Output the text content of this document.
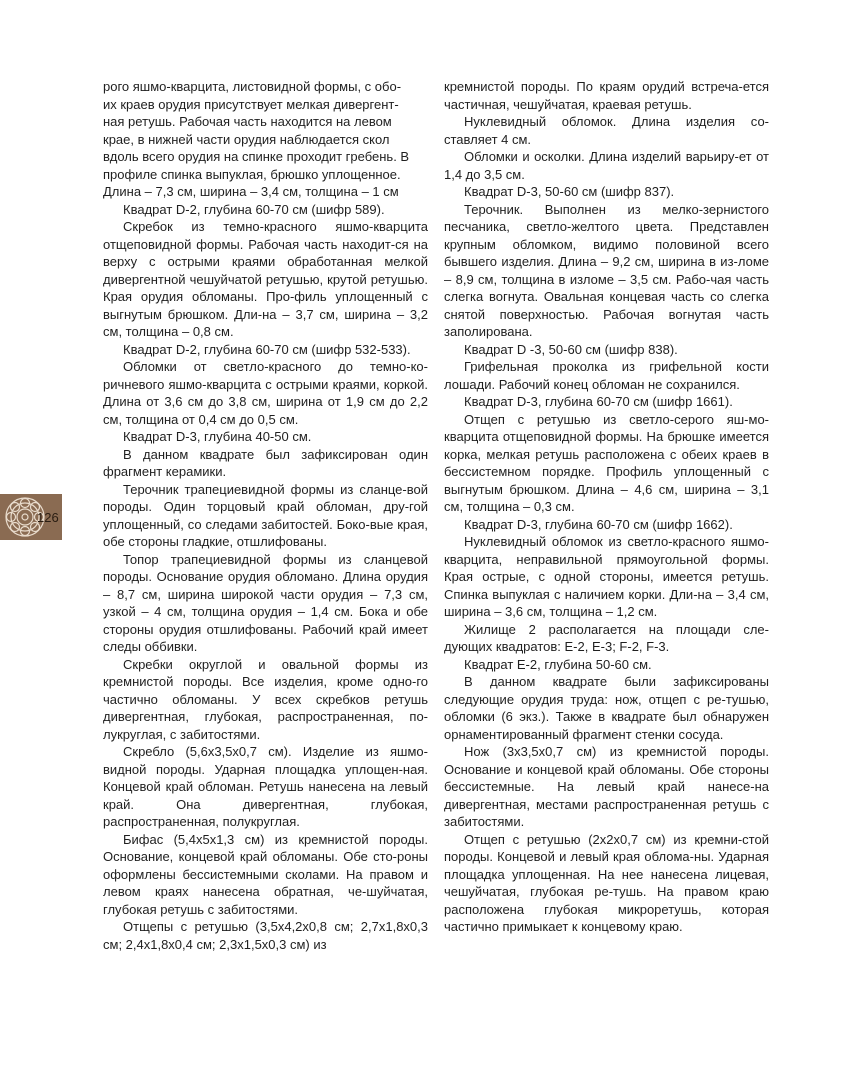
126

рого яшмо-кварцита, листовидной формы, с обо-
их краев орудия присутствует мелкая дивергент-
ная ретушь. Рабочая часть находится на левом
крае, в нижней части орудия наблюдается скол
вдоль всего орудия на спинке проходит гребень. В
профиле спинка выпуклая, брюшко уплощенное.
Длина – 7,3 см, ширина – 3,4 см, толщина – 1 см

Квадрат D-2, глубина 60-70 см (шифр 589).

Скребок из темно-красного яшмо-кварцита отщеповидной формы. Рабочая часть находит-ся на верху с острыми краями обработанная мелкой дивергентной чешуйчатой ретушью, крутой ретушью. Края орудия обломаны. Про-филь уплощенный с выгнутым брюшком. Дли-на – 3,7 см, ширина – 3,2 см, толщина – 0,8 см.

Квадрат D-2, глубина 60-70 см (шифр 532-533).

Обломки от светло-красного до темно-ко-ричневого яшмо-кварцита с острыми краями, коркой. Длина от 3,6 см до 3,8 см, ширина от 1,9 см до 2,2 см, толщина от 0,4 см до 0,5 см.

Квадрат D-3, глубина 40-50 см.

В данном квадрате был зафиксирован один фрагмент керамики.

Терочник трапециевидной формы из сланце-вой породы. Один торцовый край обломан, дру-гой уплощенный, со следами забитостей. Боко-вые края, обе стороны гладкие, отшлифованы.

Топор трапециевидной формы из сланцевой породы. Основание орудия обломано. Длина орудия – 8,7 см, ширина широкой части орудия – 7,3 см, узкой – 4 см, толщина орудия – 1,4 см. Бока и обе стороны орудия отшлифованы. Рабочий край имеет следы оббивки.

Скребки округлой и овальной формы из кремнистой породы. Все изделия, кроме одно-го частично обломаны. У всех скребков ретушь дивергентная, глубокая, распространенная, по-лукруглая, с забитостями.

Скребло (5,6х3,5х0,7 см). Изделие из яшмо-видной породы. Ударная площадка уплощен-ная. Концевой край обломан. Ретушь нанесена на левый край. Она дивергентная, глубокая, распространенная, полукруглая.

Бифас (5,4х5х1,3 см) из кремнистой породы. Основание, концевой край обломаны. Обе сто-роны оформлены бессистемными сколами. На правом и левом краях нанесена обратная, че-шуйчатая, глубокая ретушь с забитостями.

Отщепы с ретушью (3,5х4,2х0,8 см; 2,7х1,8х0,3 см; 2,4х1,8х0,4 см; 2,3х1,5х0,3 см) из

кремнистой породы. По краям орудий встреча-ется частичная, чешуйчатая, краевая ретушь.

Нуклевидный обломок. Длина изделия со-ставляет 4 см.

Обломки и осколки. Длина изделий варьиру-ет от 1,4 до 3,5 см.

Квадрат D-3, 50-60 см (шифр 837).

Терочник. Выполнен из мелко-зернистого песчаника, светло-желтого цвета. Представлен крупным обломком, видимо половиной всего бывшего изделия. Длина – 9,2 см, ширина в из-ломе – 8,9 см, толщина в изломе – 3,5 см. Рабо-чая часть слегка вогнута. Овальная концевая часть со слегка снятой поверхностью. Рабочая вогнутая часть заполирована.

Квадрат D -3, 50-60 см (шифр 838).

Грифельная проколка из грифельной кости лошади. Рабочий конец обломан не сохранился.

Квадрат D-3, глубина 60-70 см (шифр 1661).

Отщеп с ретушью из светло-серого яш-мо-кварцита отщеповидной формы. На брюшке имеется корка, мелкая ретушь расположена с обеих краев в бессистемном порядке. Профиль уплощенный с выгнутым брюшком. Длина – 4,6 см, ширина – 3,1 см, толщина – 0,3 см.

Квадрат D-3, глубина 60-70 см (шифр 1662).

Нуклевидный обломок из светло-красного яшмо-кварцита, неправильной прямоугольной формы. Края острые, с одной стороны, имеется ретушь. Спинка выпуклая с наличием корки. Дли-на – 3,4 см, ширина – 3,6 см, толщина – 1,2 см.

Жилище 2 располагается на площади сле-дующих квадратов: Е-2, Е-3; F-2, F-3.

Квадрат Е-2, глубина 50-60 см.

В данном квадрате были зафиксированы следующие орудия труда: нож, отщеп с ре-тушью, обломки (6 экз.). Также в квадрате был обнаружен орнаментированный фрагмент стенки сосуда.

Нож (3х3,5х0,7 см) из кремнистой породы. Основание и концевой край обломаны. Обе стороны бессистемные. На левый край нанесе-на дивергентная, местами распространенная ретушь с забитостями.

Отщеп с ретушью (2х2х0,7 см) из кремни-стой породы. Концевой и левый края облома-ны. Ударная площадка уплощенная. На нее нанесена лицевая, чешуйчатая, глубокая ре-тушь. На правом краю расположена глубокая микроретушь, которая частично примыкает к концевому краю.
